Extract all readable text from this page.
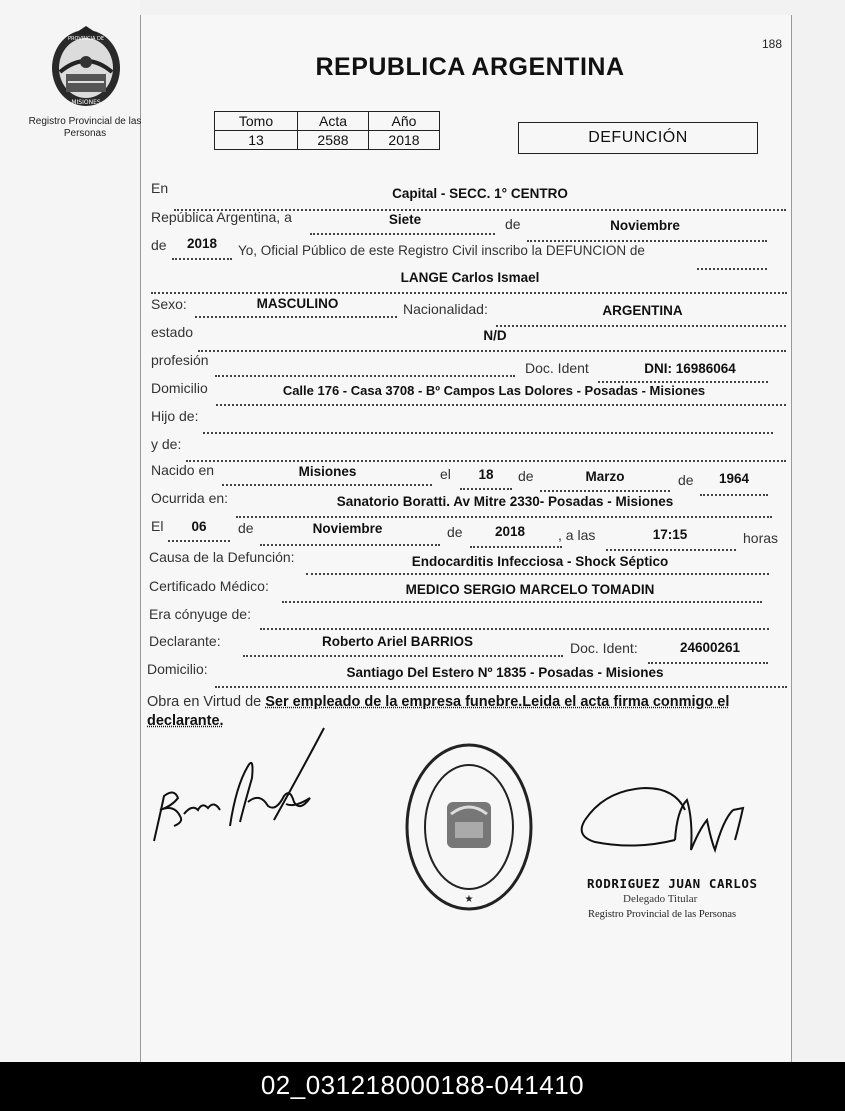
PROVINCIA DE
MISIONES
Registro Provincial de las Personas
188
REPUBLICA ARGENTINA
Tomo	Acta	Año
13	2588	2018	DEFUNCIÓN
En	Capital - SECC. 1° CENTRO
República Argentina, a	Siete	de	Noviembre
de	2018	Yo, Oficial Público de este Registro Civil inscribo la DEFUNCION de
LANGE Carlos Ismael
Sexo:	MASCULINO	Nacionalidad:	ARGENTINA
estado	N/D
profesión	Doc. Ident	DNI: 16986064
Domicilio	Calle 176 - Casa 3708 - Bº Campos Las Dolores - Posadas - Misiones
Hijo de:
y de:
Nacido en	Misiones	el	18	de	Marzo	de	1964
Ocurrida en:	Sanatorio Boratti. Av Mitre 2330- Posadas - Misiones
El	06	de	Noviembre	de	2018	, a las	17:15	horas
Causa de la Defunción:	Endocarditis Infecciosa - Shock Séptico
Certificado Médico:	MEDICO SERGIO MARCELO TOMADIN
Era cónyuge de:
Declarante:	Roberto Ariel BARRIOS	Doc. Ident:	24600261
Domicilio:	Santiago Del Estero Nº 1835 - Posadas - Misiones
Obra en Virtud de Ser empleado de la empresa funebre.Leida el acta firma conmigo el declarante.
★
RODRIGUEZ JUAN CARLOS
Delegado Titular
Registro Provincial de las Personas
02_031218000188-041410
